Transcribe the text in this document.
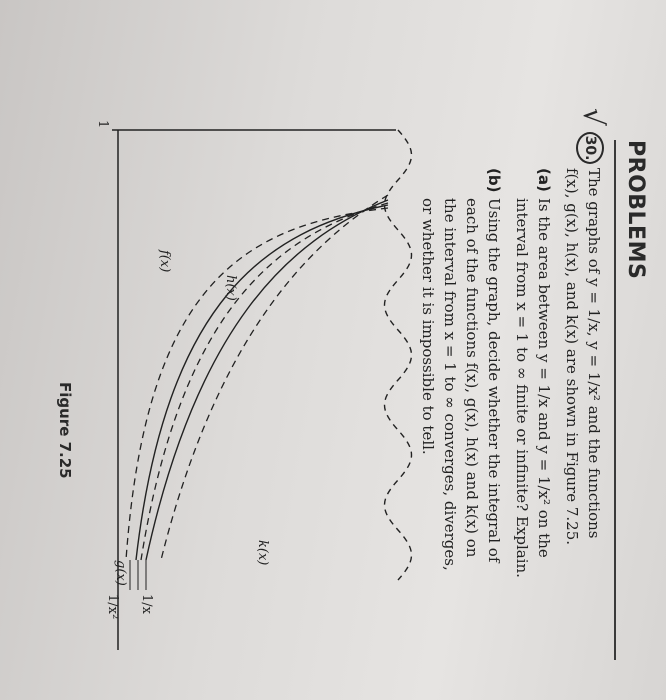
PROBLEMS
√
30.
The graphs of y = 1/x, y = 1/x² and the functions
f(x), g(x), h(x), and k(x) are shown in Figure 7.25.
(a)
Is the area between y = 1/x and y = 1/x² on the
interval from x = 1 to ∞ finite or infinite? Explain.
(b)
Using the graph, decide whether the integral of
each of the functions f(x), g(x), h(x) and k(x) on
the interval from x = 1 to ∞ converges, diverges,
or whether it is impossible to tell.
1
f(x)
h(x)
k(x)
1/x
g(x)
1/x²
Figure 7.25
